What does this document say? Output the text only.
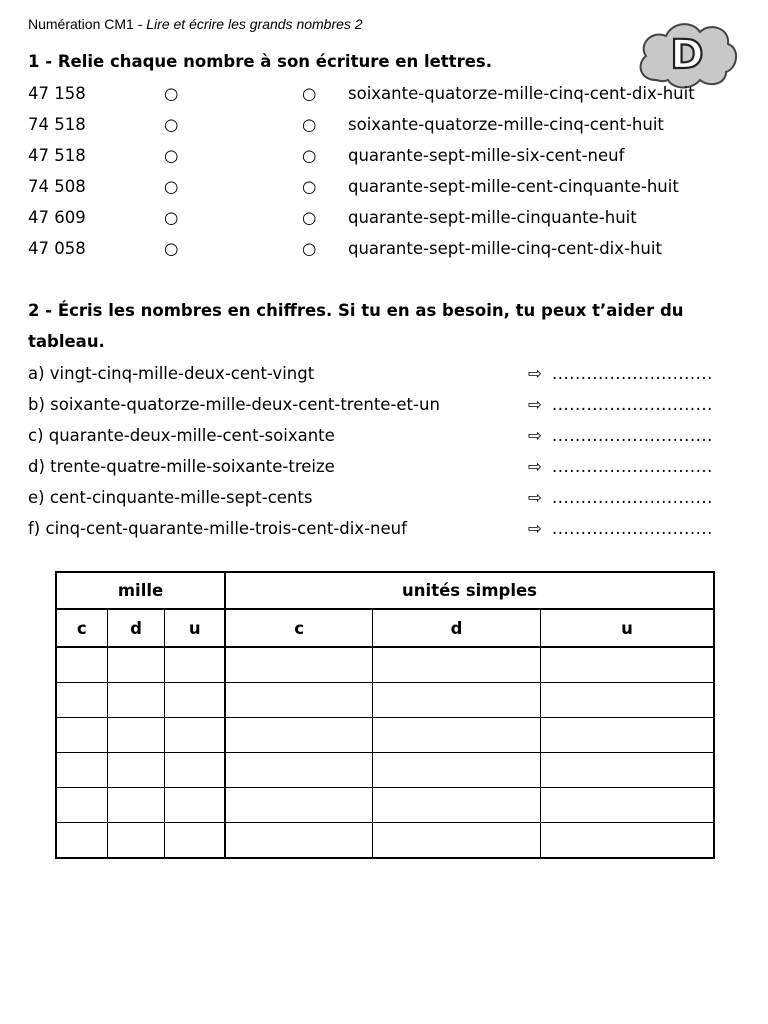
Numération CM1 - Lire et écrire les grands nombres 2
D

1 - Relie chaque nombre à son écriture en lettres.

47 158	○	○ soixante-quatorze-mille-cinq-cent-dix-huit
74 518	○	○ soixante-quatorze-mille-cinq-cent-huit
47 518	○	○ quarante-sept-mille-six-cent-neuf
74 508	○	○ quarante-sept-mille-cent-cinquante-huit
47 609	○	○ quarante-sept-mille-cinquante-huit
47 058	○	○ quarante-sept-mille-cinq-cent-dix-huit

2 - Écris les nombres en chiffres. Si tu en as besoin, tu peux t’aider du

tableau.

a) vingt-cinq-mille-deux-cent-vingt	⇨ ............................
b) soixante-quatorze-mille-deux-cent-trente-et-un	⇨ ............................
c) quarante-deux-mille-cent-soixante	⇨ ............................
d) trente-quatre-mille-soixante-treize	⇨ ............................
e) cent-cinquante-mille-sept-cents	⇨ ............................
f) cinq-cent-quarante-mille-trois-cent-dix-neuf	⇨ ............................
mille			unités simples		
c	d	u	c	d	u
